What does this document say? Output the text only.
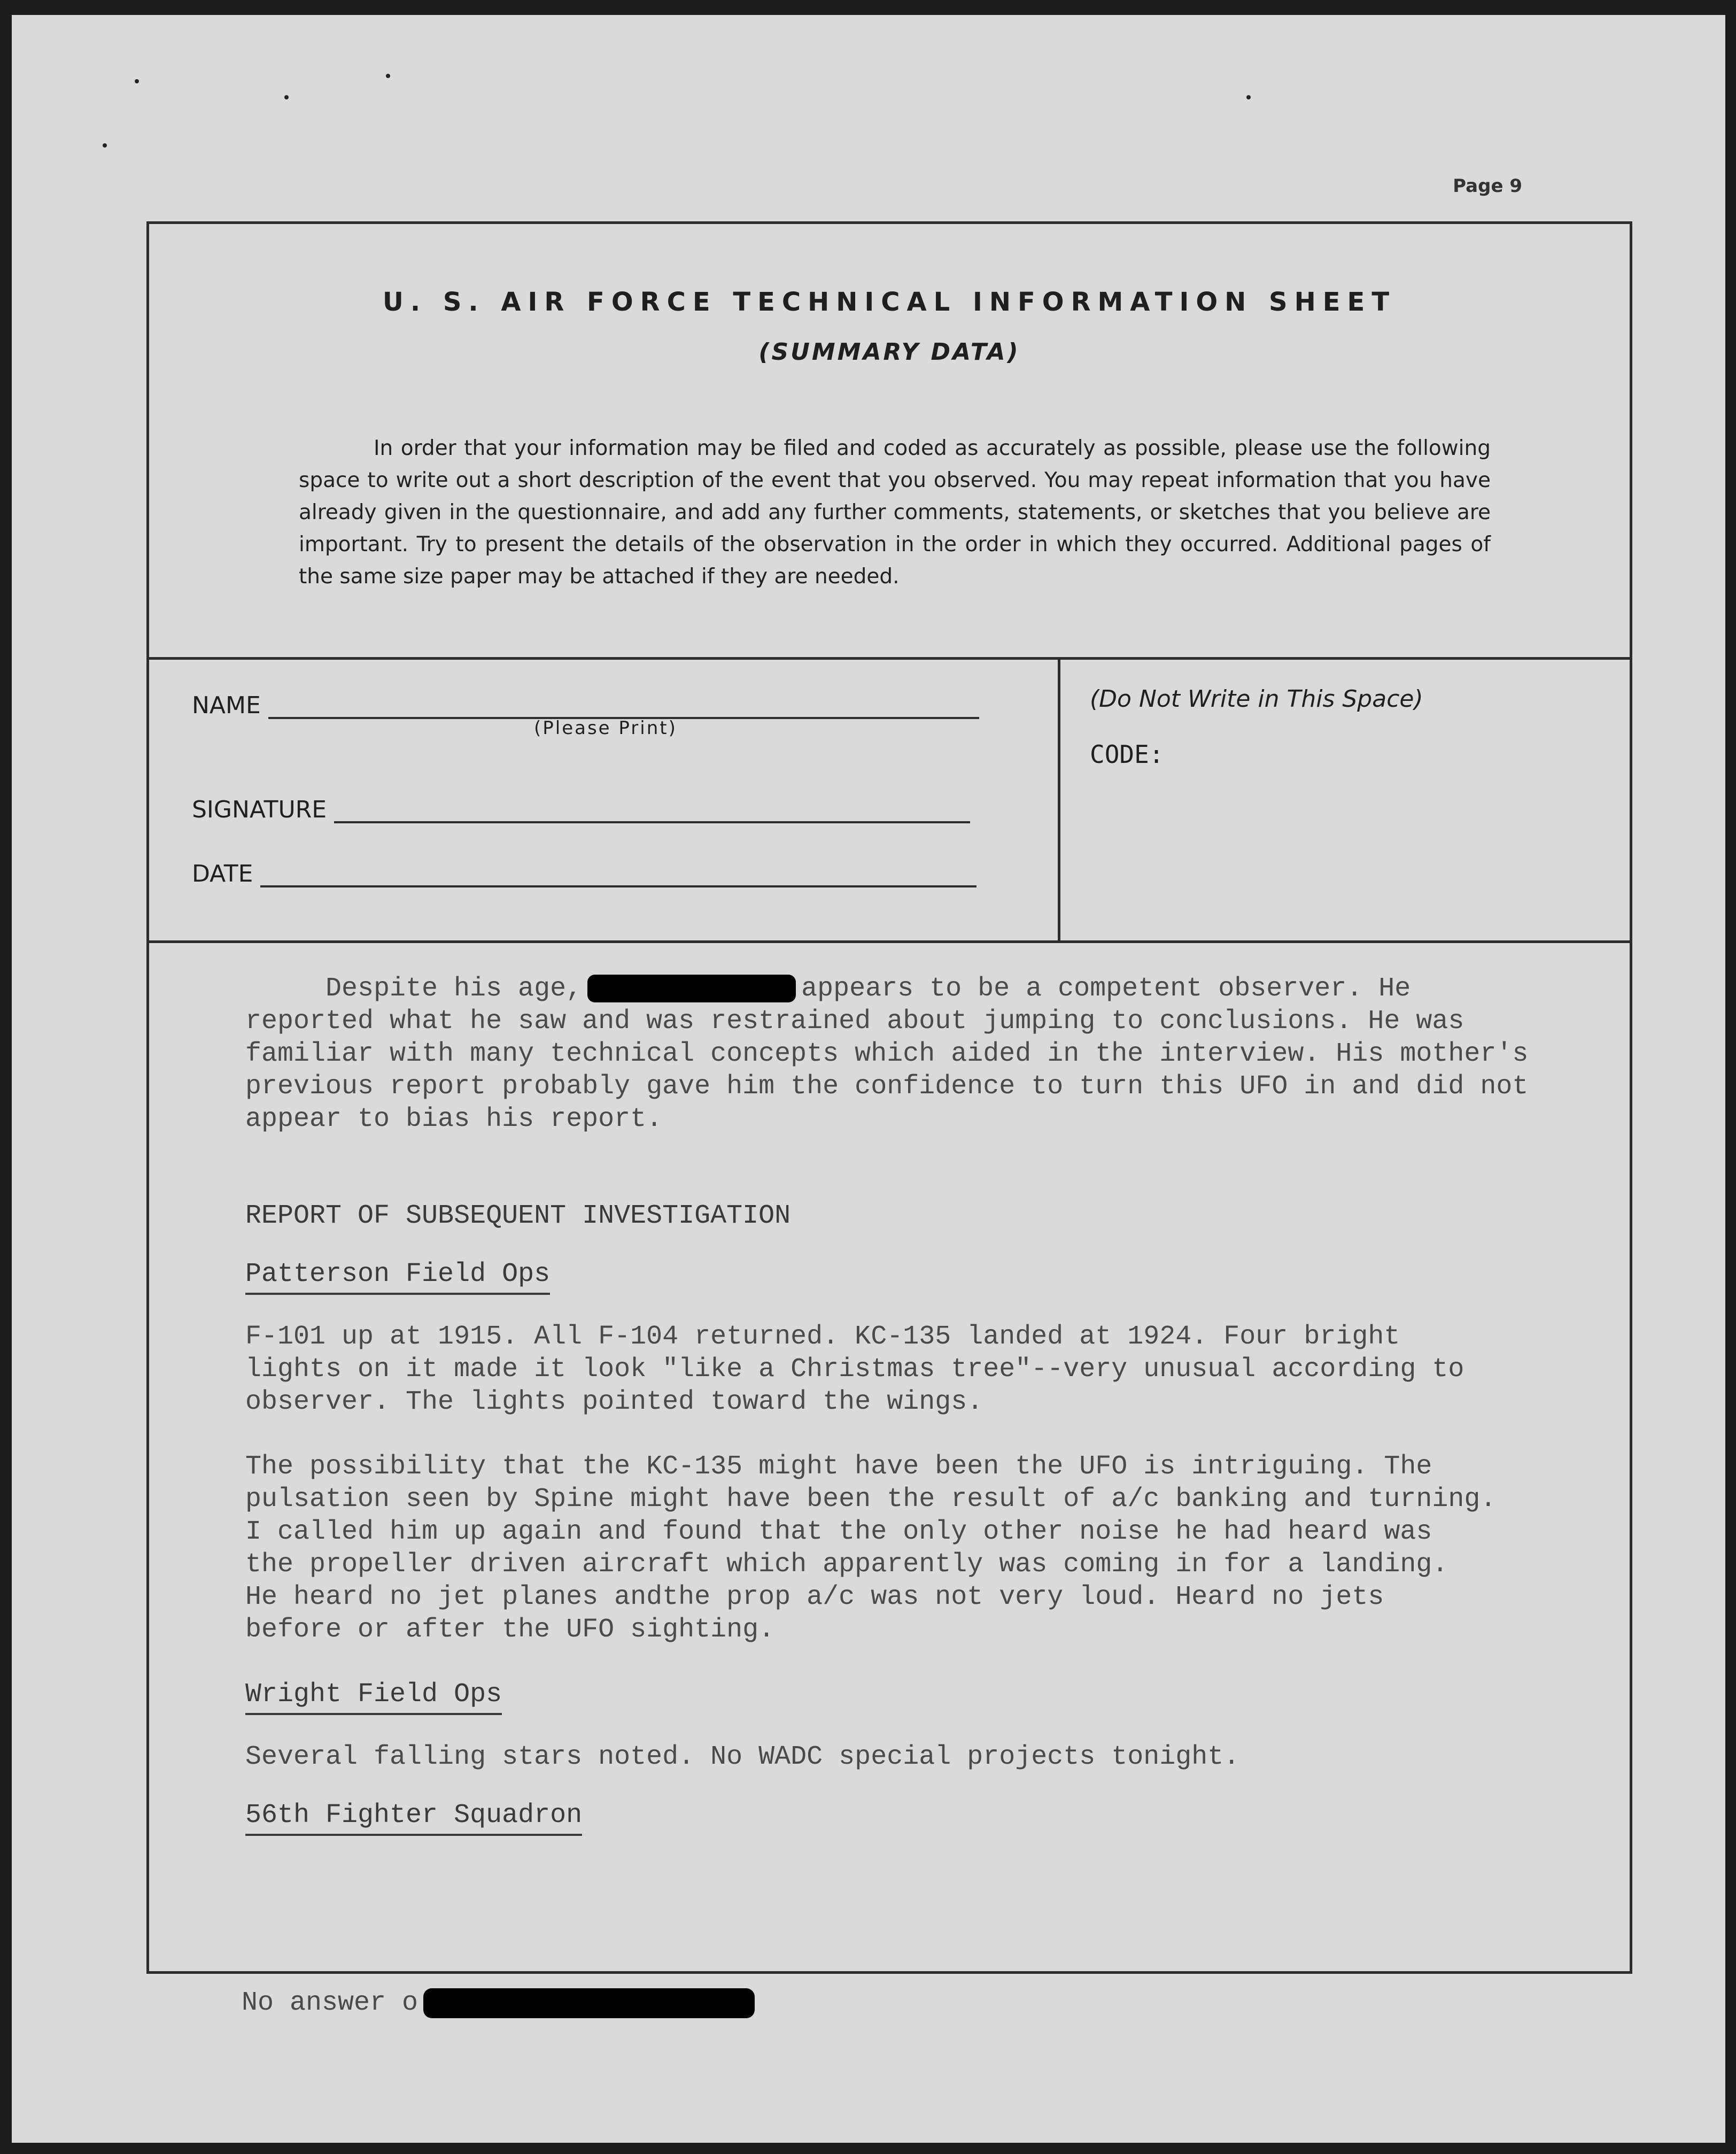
Page 9
U. S. AIR FORCE TECHNICAL INFORMATION SHEET
(SUMMARY DATA)
In order that your information may be filed and coded as accurately as possible, please use the following space to write out a short description of the event that you observed. You may repeat information that you have already given in the questionnaire, and add any further comments, statements, or sketches that you believe are important. Try to present the details of the observation in the order in which they occurred. Additional pages of the same size paper may be attached if they are needed.
NAME
(Please Print)
SIGNATURE
DATE
(Do Not Write in This Space)
CODE:

Despite his age,	appears to be a competent observer. He reported what he saw and was restrained about jumping to conclusions. He was familiar with many technical concepts which aided in the interview. His mother's previous report probably gave him the confidence to turn this UFO in and did not appear to bias his report.

REPORT OF SUBSEQUENT INVESTIGATION

Patterson Field Ops

F-101 up at 1915. All F-104 returned. KC-135 landed at 1924. Four bright
lights on it made it look "like a Christmas tree"--very unusual according to
observer. The lights pointed toward the wings.

The possibility that the KC-135 might have been the UFO is intriguing. The
pulsation seen by Spine might have been the result of a/c banking and turning.
I called him up again and found that the only other noise he had heard was
the propeller driven aircraft which apparently was coming in for a landing.
He heard no jet planes andthe prop a/c was not very loud. Heard no jets
before or after the UFO sighting.

Wright Field Ops

Several falling stars noted. No WADC special projects tonight.

56th Fighter Squadron

No answer o
